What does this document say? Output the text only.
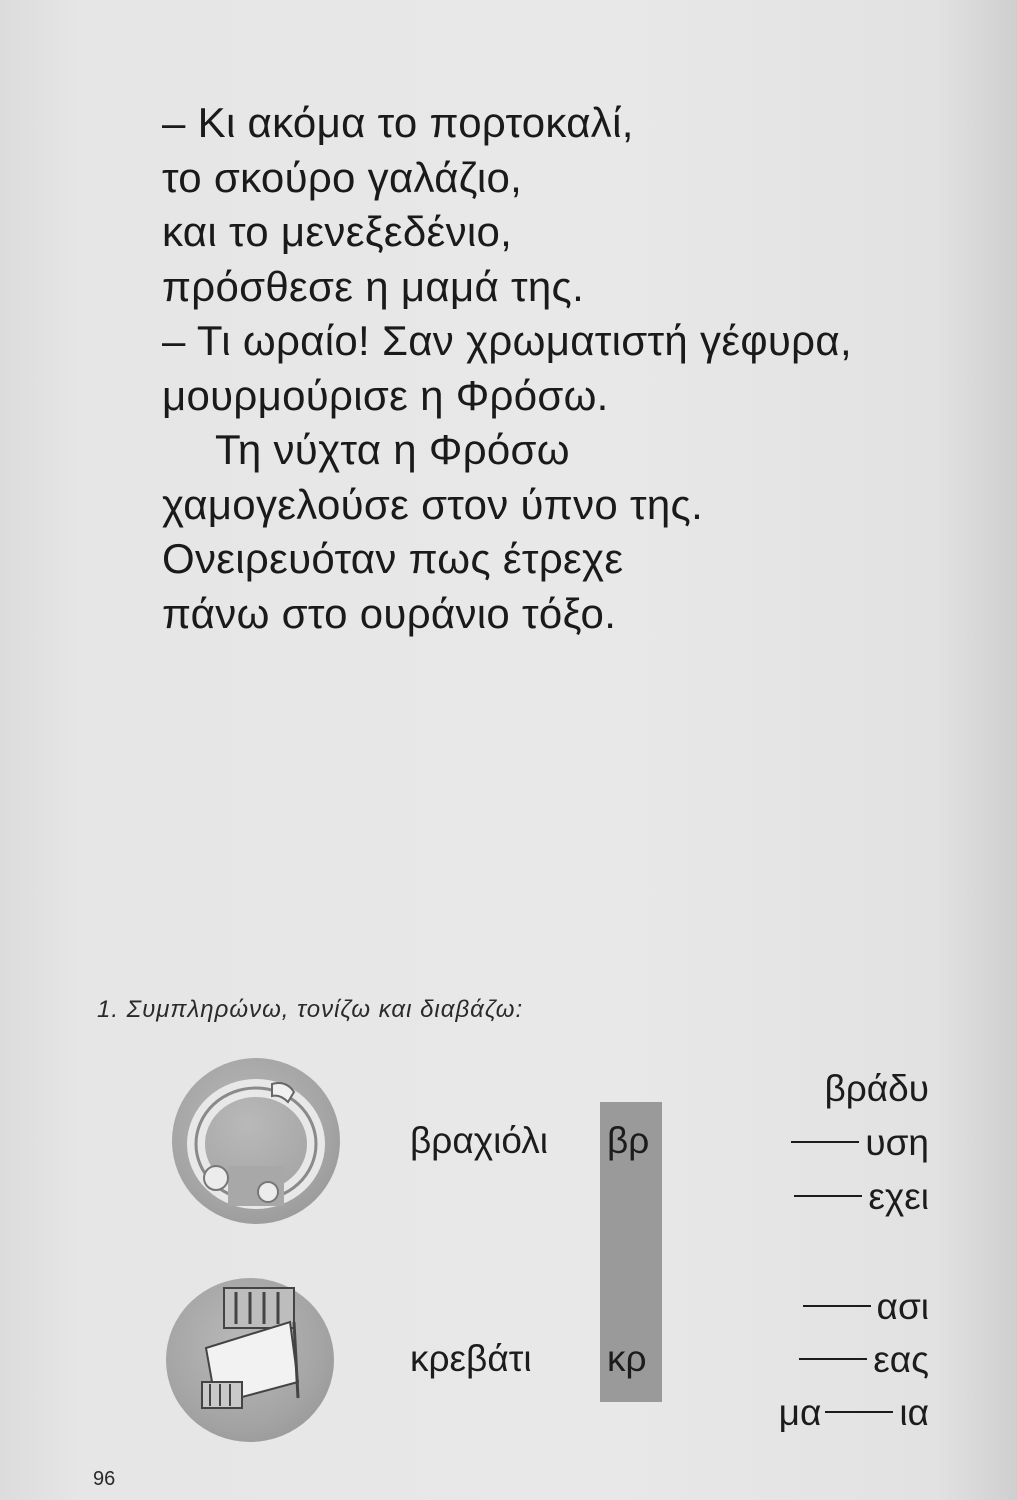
– Κι ακόμα το πορτοκαλί,
το σκούρο γαλάζιο,
και το μενεξεδένιο,
πρόσθεσε η μαμά της.
– Τι ωραίο! Σαν χρωματιστή γέφυρα,
μουρμούρισε η Φρόσω.
Τη νύχτα η Φρόσω
χαμογελούσε στον ύπνο της.
Ονειρευόταν πως έτρεχε
πάνω στο ουράνιο τόξο.
1. Συμπληρώνω, τονίζω και διαβάζω:
βραχιόλι βρ
κρεβάτι κρ
βράδυ
υση
εχει
ασι
εας
μα ια
96
